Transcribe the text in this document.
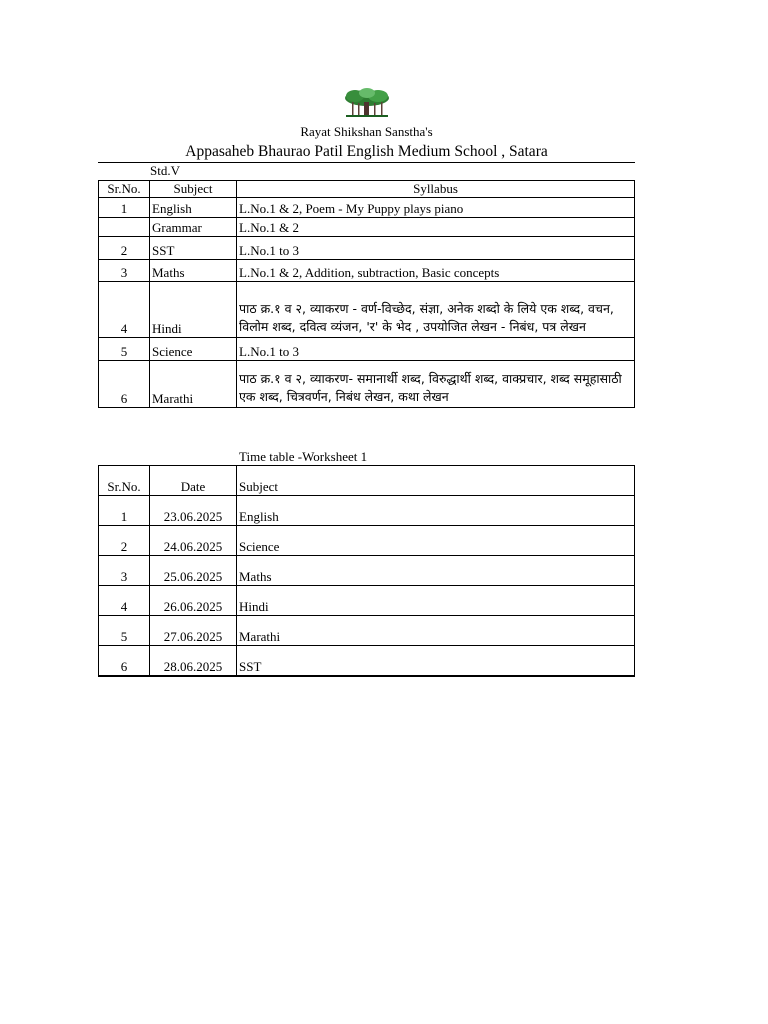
Rayat Shikshan Sanstha's
Appasaheb Bhaurao Patil English Medium School , Satara
Std.V
Sr.No.	Subject	Syllabus
1	English	L.No.1 & 2, Poem - My Puppy plays piano
	Grammar	L.No.1 & 2
2	SST	L.No.1 to 3
3	Maths	L.No.1 & 2, Addition, subtraction, Basic concepts
4	Hindi	पाठ क्र.१ व २, व्याकरण - वर्ण-विच्छेद, संज्ञा, अनेक शब्दो के लिये एक शब्द, वचन, विलोम शब्द, दवित्व व्यंजन, 'र' के भेद , उपयोजित लेखन - निबंध, पत्र लेखन
5	Science	L.No.1 to 3
6	Marathi	पाठ क्र.१ व २, व्याकरण- समानार्थी शब्द, विरुद्धार्थी शब्द, वाक्प्रचार, शब्द समूहासाठी एक शब्द, चित्रवर्णन, निबंध लेखन, कथा लेखन
Time table -Worksheet 1
Sr.No.	Date	Subject
1	23.06.2025	English
2	24.06.2025	Science
3	25.06.2025	Maths
4	26.06.2025	Hindi
5	27.06.2025	Marathi
6	28.06.2025	SST
